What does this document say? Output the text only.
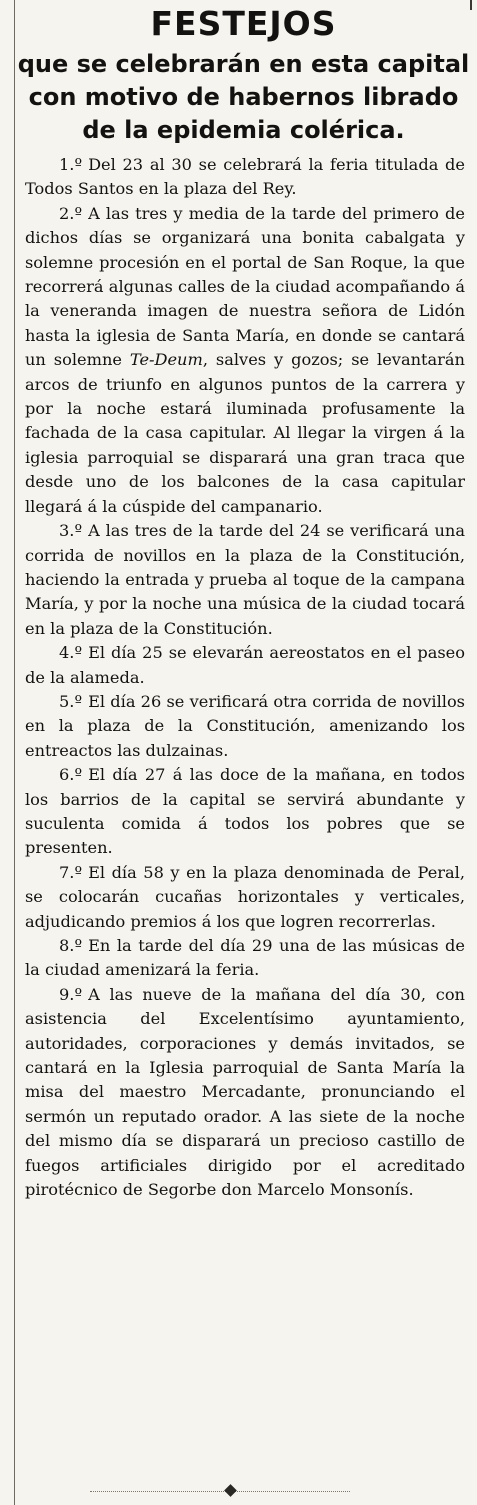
FESTEJOS
que se celebrarán en esta capital
con motivo de habernos librado
de la epidemia colérica.

1.º Del 23 al 30 se celebrará la feria titulada de Todos Santos en la plaza del Rey.

2.º A las tres y media de la tarde del primero de dichos días se organizará una bonita cabalgata y solemne procesión en el portal de San Roque, la que recorrerá algunas calles de la ciudad acompañando á la veneranda imagen de nuestra señora de Lidón hasta la iglesia de Santa María, en donde se cantará un solemne Te-Deum, salves y gozos; se levantarán arcos de triunfo en algunos puntos de la carrera y por la noche estará iluminada profusamente la fachada de la casa capitular. Al llegar la virgen á la iglesia parroquial se disparará una gran traca que desde uno de los balcones de la casa capitular llegará á la cúspide del campanario.

3.º A las tres de la tarde del 24 se verificará una corrida de novillos en la plaza de la Constitución, haciendo la entrada y prueba al toque de la campana María, y por la noche una música de la ciudad tocará en la plaza de la Constitución.

4.º El día 25 se elevarán aereostatos en el paseo de la alameda.

5.º El día 26 se verificará otra corrida de novillos en la plaza de la Constitución, amenizando los entreactos las dulzainas.

6.º El día 27 á las doce de la mañana, en todos los barrios de la capital se servirá abundante y suculenta comida á todos los pobres que se presenten.

7.º El día 58 y en la plaza denominada de Peral, se colocarán cucañas horizontales y verticales, adjudicando premios á los que logren recorrerlas.

8.º En la tarde del día 29 una de las músicas de la ciudad amenizará la feria.

9.º A las nueve de la mañana del día 30, con asistencia del Excelentísimo ayuntamiento, autoridades, corporaciones y demás invitados, se cantará en la Iglesia parroquial de Santa María la misa del maestro Mercadante, pronunciando el sermón un reputado orador. A las siete de la noche del mismo día se disparará un precioso castillo de fuegos artificiales dirigido por el acreditado pirotécnico de Segorbe don Marcelo Monsonís.
